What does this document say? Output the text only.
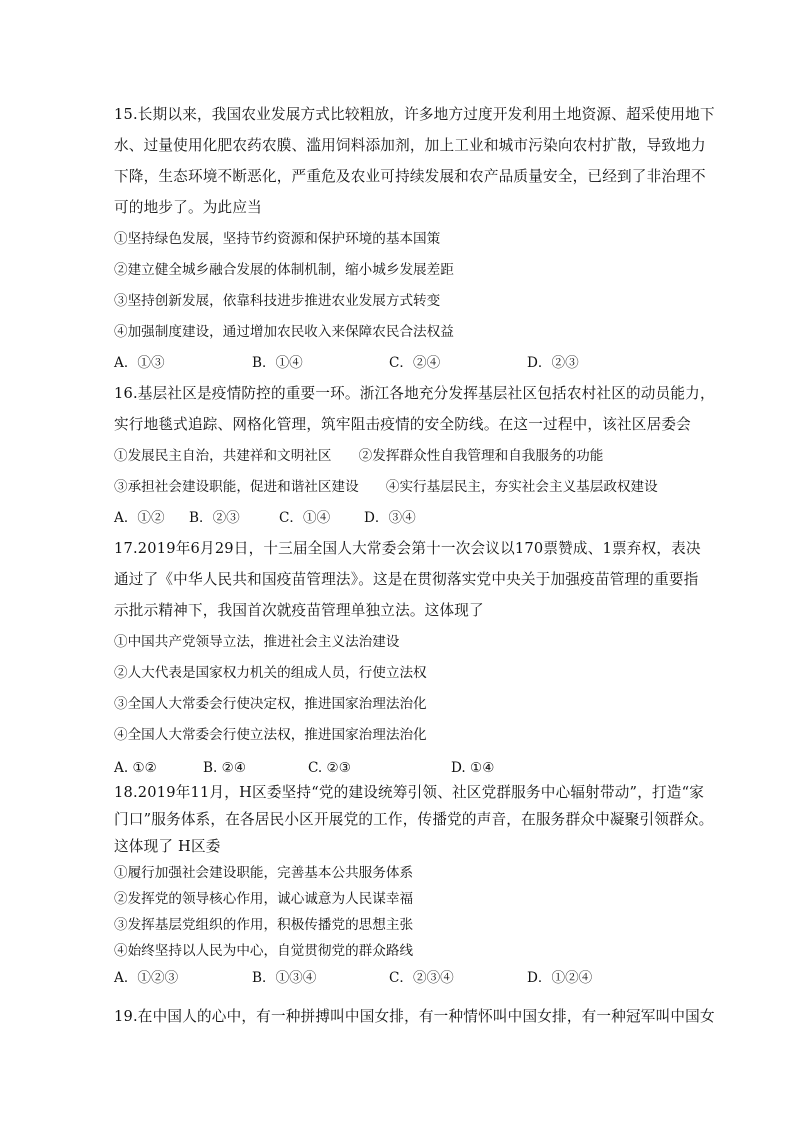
15.长期以来，我国农业发展方式比较粗放，许多地方过度开发利用土地资源、超采使用地下
水、过量使用化肥农药农膜、滥用饲料添加剂，加上工业和城市污染向农村扩散，导致地力
下降，生态环境不断恶化，严重危及农业可持续发展和农产品质量安全，已经到了非治理不
可的地步了。为此应当
①坚持绿色发展，坚持节约资源和保护环境的基本国策
②建立健全城乡融合发展的体制机制，缩小城乡发展差距
③坚持创新发展，依靠科技进步推进农业发展方式转变
④加强制度建设，通过增加农民收入来保障农民合法权益
A．①③	B．①④	C．②④	D．②③
16.基层社区是疫情防控的重要一环。浙江各地充分发挥基层社区包括农村社区的动员能力，
实行地毯式追踪、网格化管理，筑牢阻击疫情的安全防线。在这一过程中，该社区居委会
①发展民主自治，共建祥和文明社区　　②发挥群众性自我管理和自我服务的功能
③承担社会建设职能，促进和谐社区建设　　④实行基层民主，夯实社会主义基层政权建设
A．①② B．②③	C．①④ D．③④
17.2019年6月29日，十三届全国人大常委会第十一次会议以170票赞成、1票弃权，表决
通过了《中华人民共和国疫苗管理法》。这是在贯彻落实党中央关于加强疫苗管理的重要指
示批示精神下，我国首次就疫苗管理单独立法。这体现了
①中国共产党领导立法，推进社会主义法治建设
②人大代表是国家权力机关的组成人员，行使立法权
③全国人大常委会行使决定权，推进国家治理法治化
④全国人大常委会行使立法权，推进国家治理法治化
A. ①②	B. ②④	C. ②③	D. ①④
18.2019年11月，H区委坚持“党的建设统筹引领、社区党群服务中心辐射带动”，打造“家
门口”服务体系，在各居民小区开展党的工作，传播党的声音，在服务群众中凝聚引领群众。
这体现了 H区委
①履行加强社会建设职能，完善基本公共服务体系
②发挥党的领导核心作用，诚心诚意为人民谋幸福
③发挥基层党组织的作用，积极传播党的思想主张
④始终坚持以人民为中心，自觉贯彻党的群众路线
A．①②③	B．①③④	C．②③④	D．①②④
19.在中国人的心中，有一种拼搏叫中国女排，有一种情怀叫中国女排，有一种冠军叫中国女
